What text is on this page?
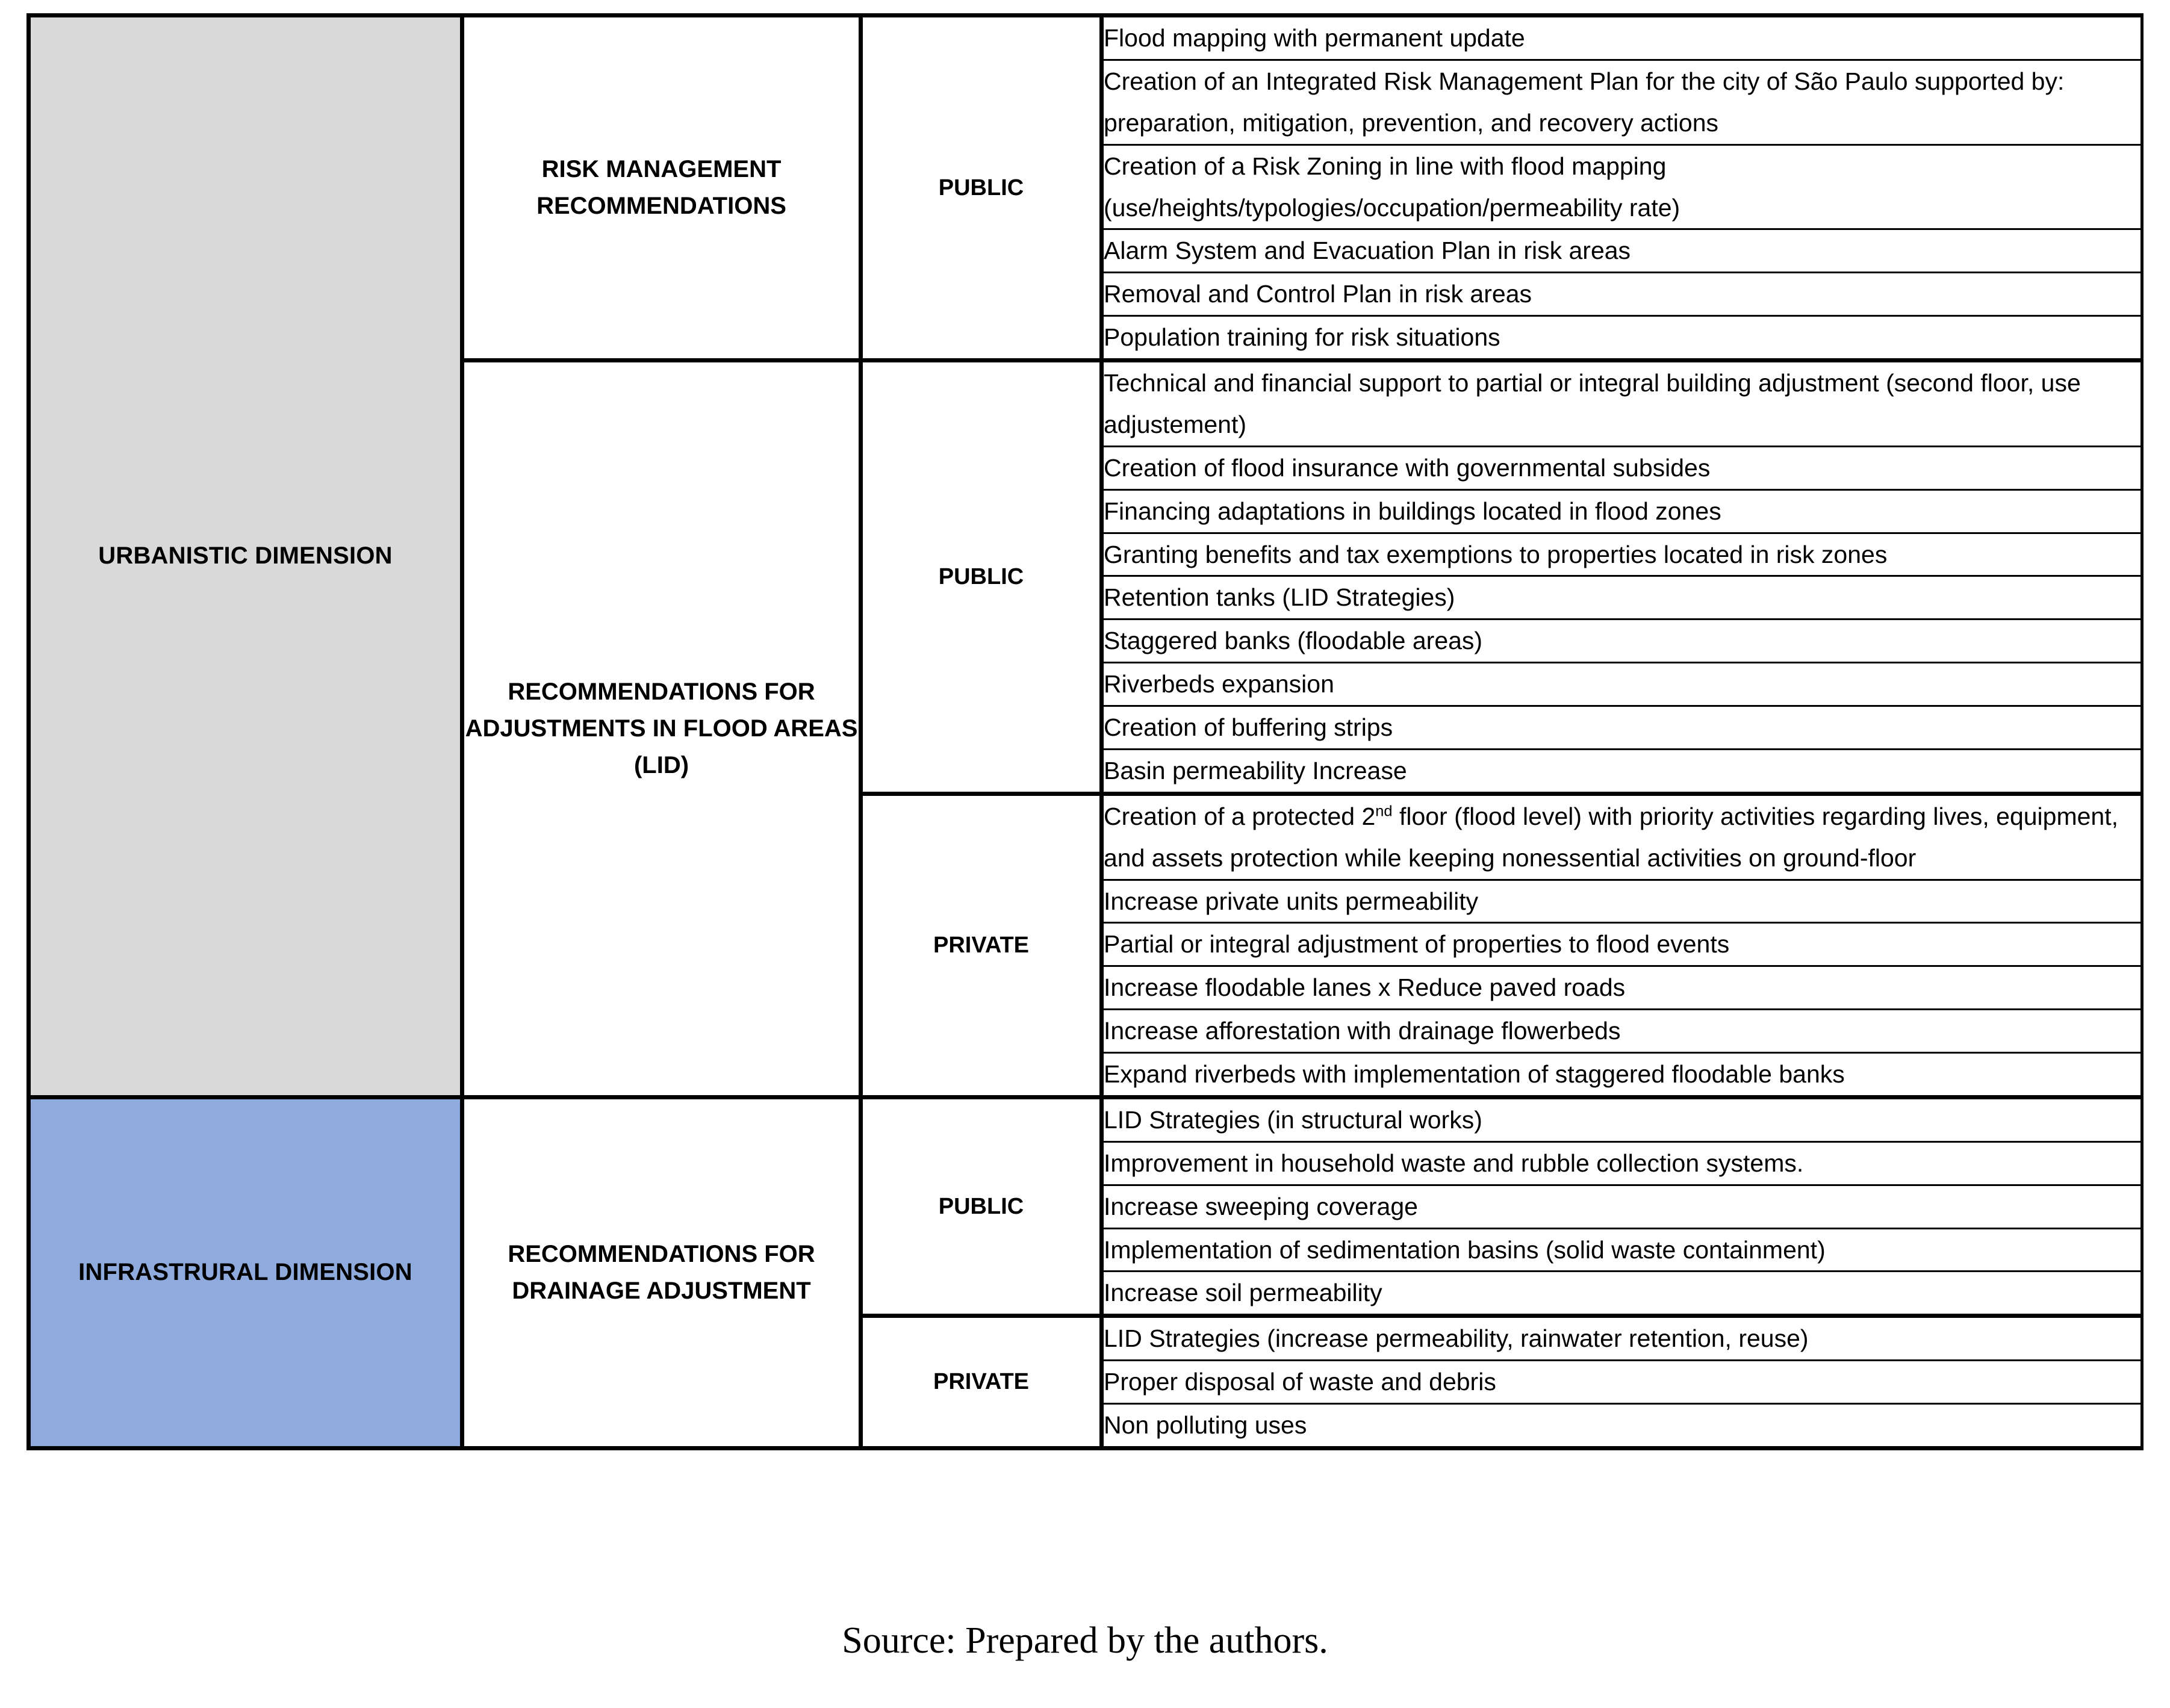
URBANISTIC DIMENSION	RISK MANAGEMENT RECOMMENDATIONS	PUBLIC	Flood mapping with permanent update
			Creation of an Integrated Risk Management Plan for the city of São Paulo supported by: preparation, mitigation, prevention, and recovery actions
			Creation of a Risk Zoning in line with flood mapping (use/heights/typologies/occupation/permeability rate)
			Alarm System and Evacuation Plan in risk areas
			Removal and Control Plan in risk areas
			Population training for risk situations
	RECOMMENDATIONS FOR ADJUSTMENTS IN FLOOD AREAS (LID)	PUBLIC	Technical and financial support to partial or integral building adjustment (second floor, use adjustement)
			Creation of flood insurance with governmental subsides
			Financing adaptations in buildings located in flood zones
			Granting benefits and tax exemptions to properties located in risk zones
			Retention tanks (LID Strategies)
			Staggered banks (floodable areas)
			Riverbeds expansion
			Creation of buffering strips
			Basin permeability Increase
		PRIVATE	Creation of a protected 2nd floor (flood level) with priority activities regarding lives, equipment, and assets protection while keeping nonessential activities on ground-floor
			Increase private units permeability
			Partial or integral adjustment of properties to flood events
			Increase floodable lanes x Reduce paved roads
			Increase afforestation with drainage flowerbeds
			Expand riverbeds with implementation of staggered floodable banks
INFRASTRURAL DIMENSION	RECOMMENDATIONS FOR DRAINAGE ADJUSTMENT	PUBLIC	LID Strategies (in structural works)
			Improvement in household waste and rubble collection systems.
			Increase sweeping coverage
			Implementation of sedimentation basins (solid waste containment)
			Increase soil permeability
		PRIVATE	LID Strategies (increase permeability, rainwater retention, reuse)
			Proper disposal of waste and debris
			Non polluting uses
Source: Prepared by the authors.
